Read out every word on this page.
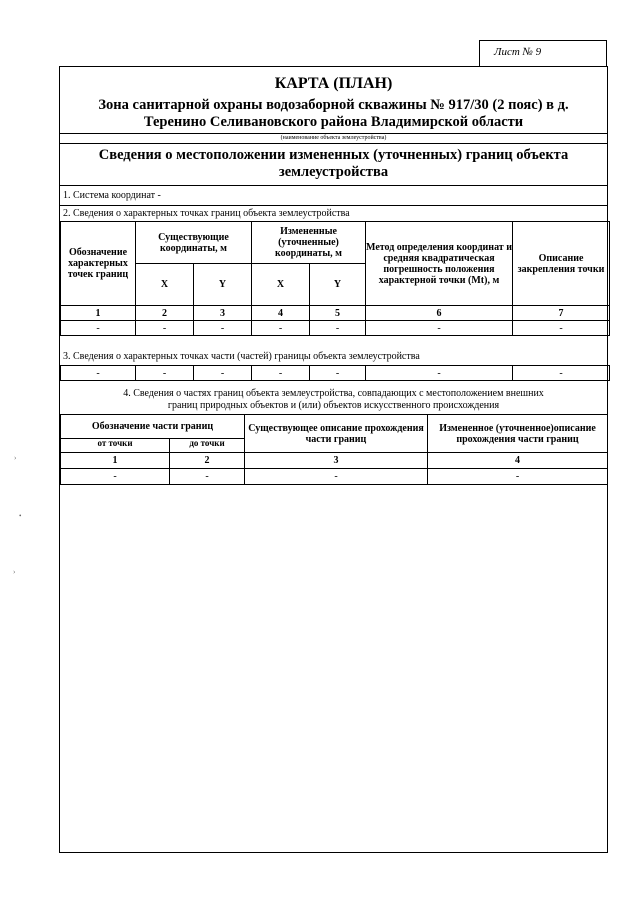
Лист № 9
›
•
›
КАРТА (ПЛАН)
Зона санитарной охраны водозаборной скважины № 917/30 (2 пояс) в д.
Теренино Селивановского района Владимирской области
(наименование объекта землеустройства)
Сведения о местоположении измененных (уточненных) границ объекта
землеустройства
1. Система координат -
2. Сведения о характерных точках границ объекта землеустройства
Обозначение характерных точек границ	Существующие координаты, м		Измененные (уточненные) координаты, м		Метод определения координат и средняя квадратическая погрешность положения характерной точки (Mt), м	Описание закрепления точки
	X	Y	X	Y		
1	2	3	4	5	6	7
-	-	-	-	-	-	-
3. Сведения о характерных точках части (частей) границы объекта землеустройства
-	-	-	-	-	-	-
4. Сведения о частях границ объекта землеустройства, совпадающих с местоположением внешних
границ природных объектов и (или) объектов искусственного происхождения
Обозначение части границ		Существующее описание прохождения части границ	Измененное (уточненное)описание прохождения части границ
от точки	до точки		
1	2	3	4
-	-	-	-
